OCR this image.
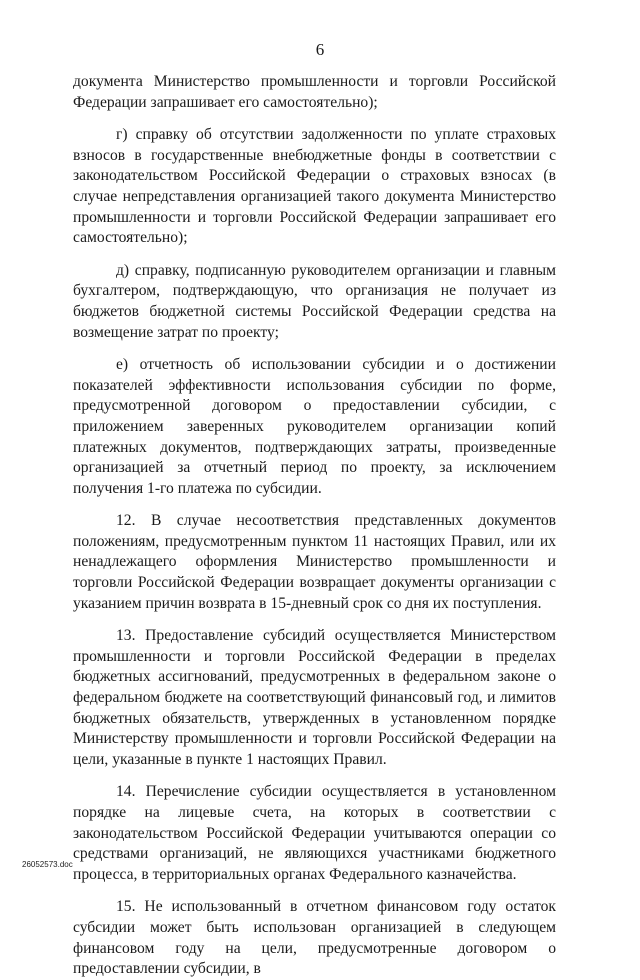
6

документа Министерство промышленности и торговли Российской Федерации запрашивает его самостоятельно);

г) справку об отсутствии задолженности по уплате страховых взносов в государственные внебюджетные фонды в соответствии с законодательством Российской Федерации о страховых взносах (в случае непредставления организацией такого документа Министерство промышленности и торговли Российской Федерации запрашивает его самостоятельно);

д) справку, подписанную руководителем организации и главным бухгалтером, подтверждающую, что организация не получает из бюджетов бюджетной системы Российской Федерации средства на возмещение затрат по проекту;

е) отчетность об использовании субсидии и о достижении показателей эффективности использования субсидии по форме, предусмотренной договором о предоставлении субсидии, с приложением заверенных руководителем организации копий платежных документов, подтверждающих затраты, произведенные организацией за отчетный период по проекту, за исключением получения 1-го платежа по субсидии.

12. В случае несоответствия представленных документов положениям, предусмотренным пунктом 11 настоящих Правил, или их ненадлежащего оформления Министерство промышленности и торговли Российской Федерации возвращает документы организации с указанием причин возврата в 15-дневный срок со дня их поступления.

13. Предоставление субсидий осуществляется Министерством промышленности и торговли Российской Федерации в пределах бюджетных ассигнований, предусмотренных в федеральном законе о федеральном бюджете на соответствующий финансовый год, и лимитов бюджетных обязательств, утвержденных в установленном порядке Министерству промышленности и торговли Российской Федерации на цели, указанные в пункте 1 настоящих Правил.

14. Перечисление субсидии осуществляется в установленном порядке на лицевые счета, на которых в соответствии с законодательством Российской Федерации учитываются операции со средствами организаций, не являющихся участниками бюджетного процесса, в территориальных органах Федерального казначейства.

15. Не использованный в отчетном финансовом году остаток субсидии может быть использован организацией в следующем финансовом году на цели, предусмотренные договором о предоставлении субсидии, в

26052573.doc
